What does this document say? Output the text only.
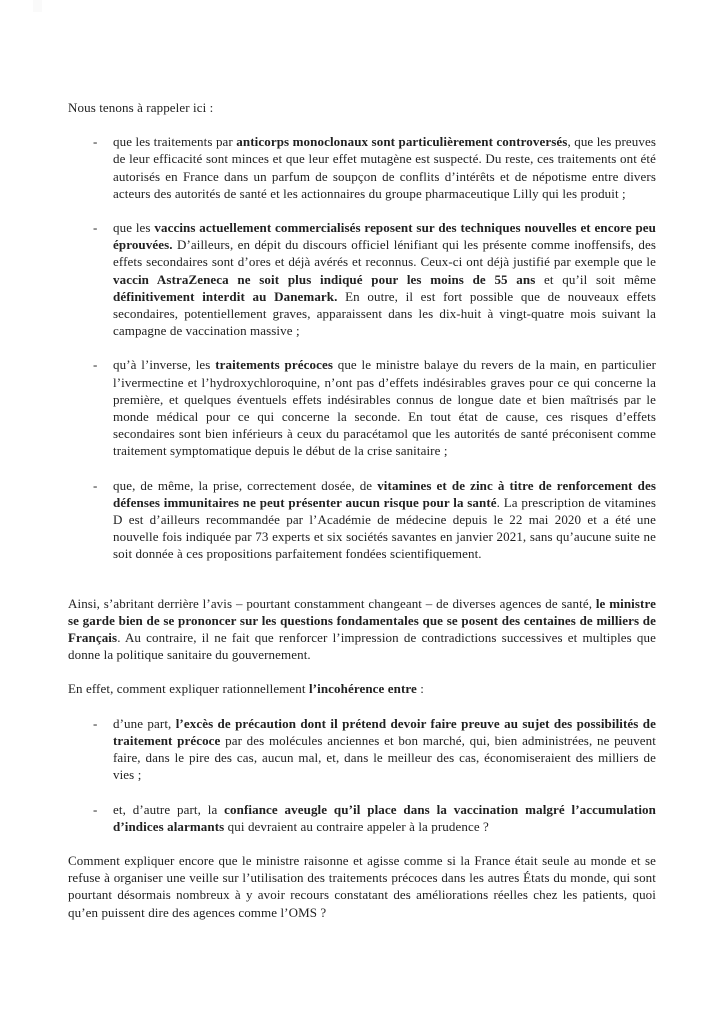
Nous tenons à rappeler ici :

-	que les traitements par anticorps monoclonaux sont particulièrement controversés, que les preuves de leur efficacité sont minces et que leur effet mutagène est suspecté. Du reste, ces traitements ont été autorisés en France dans un parfum de soupçon de conflits d’intérêts et de népotisme entre divers acteurs des autorités de santé et les actionnaires du groupe pharmaceutique Lilly qui les produit ;
-	que les vaccins actuellement commercialisés reposent sur des techniques nouvelles et encore peu éprouvées. D’ailleurs, en dépit du discours officiel lénifiant qui les présente comme inoffensifs, des effets secondaires sont d’ores et déjà avérés et reconnus. Ceux-ci ont déjà justifié par exemple que le vaccin AstraZeneca ne soit plus indiqué pour les moins de 55 ans et qu’il soit même définitivement interdit au Danemark. En outre, il est fort possible que de nouveaux effets secondaires, potentiellement graves, apparaissent dans les dix-huit à vingt-quatre mois suivant la campagne de vaccination massive ;
-	qu’à l’inverse, les traitements précoces que le ministre balaye du revers de la main, en particulier l’ivermectine et l’hydroxychloroquine, n’ont pas d’effets indésirables graves pour ce qui concerne la première, et quelques éventuels effets indésirables connus de longue date et bien maîtrisés par le monde médical pour ce qui concerne la seconde. En tout état de cause, ces risques d’effets secondaires sont bien inférieurs à ceux du paracétamol que les autorités de santé préconisent comme traitement symptomatique depuis le début de la crise sanitaire ;
-	que, de même, la prise, correctement dosée, de vitamines et de zinc à titre de renforcement des défenses immunitaires ne peut présenter aucun risque pour la santé. La prescription de vitamines D est d’ailleurs recommandée par l’Académie de médecine depuis le 22 mai 2020 et a été une nouvelle fois indiquée par 73 experts et six sociétés savantes en janvier 2021, sans qu’aucune suite ne soit donnée à ces propositions parfaitement fondées scientifiquement.

Ainsi, s’abritant derrière l’avis – pourtant constamment changeant – de diverses agences de santé, le ministre se garde bien de se prononcer sur les questions fondamentales que se posent des centaines de milliers de Français. Au contraire, il ne fait que renforcer l’impression de contradictions successives et multiples que donne la politique sanitaire du gouvernement.

En effet, comment expliquer rationnellement l’incohérence entre :

-	d’une part, l’excès de précaution dont il prétend devoir faire preuve au sujet des possibilités de traitement précoce par des molécules anciennes et bon marché, qui, bien administrées, ne peuvent faire, dans le pire des cas, aucun mal, et, dans le meilleur des cas, économiseraient des milliers de vies ;
-	et, d’autre part, la confiance aveugle qu’il place dans la vaccination malgré l’accumulation d’indices alarmants qui devraient au contraire appeler à la prudence ?

Comment expliquer encore que le ministre raisonne et agisse comme si la France était seule au monde et se refuse à organiser une veille sur l’utilisation des traitements précoces dans les autres États du monde, qui sont pourtant désormais nombreux à y avoir recours constatant des améliorations réelles chez les patients, quoi qu’en puissent dire des agences comme l’OMS ?
